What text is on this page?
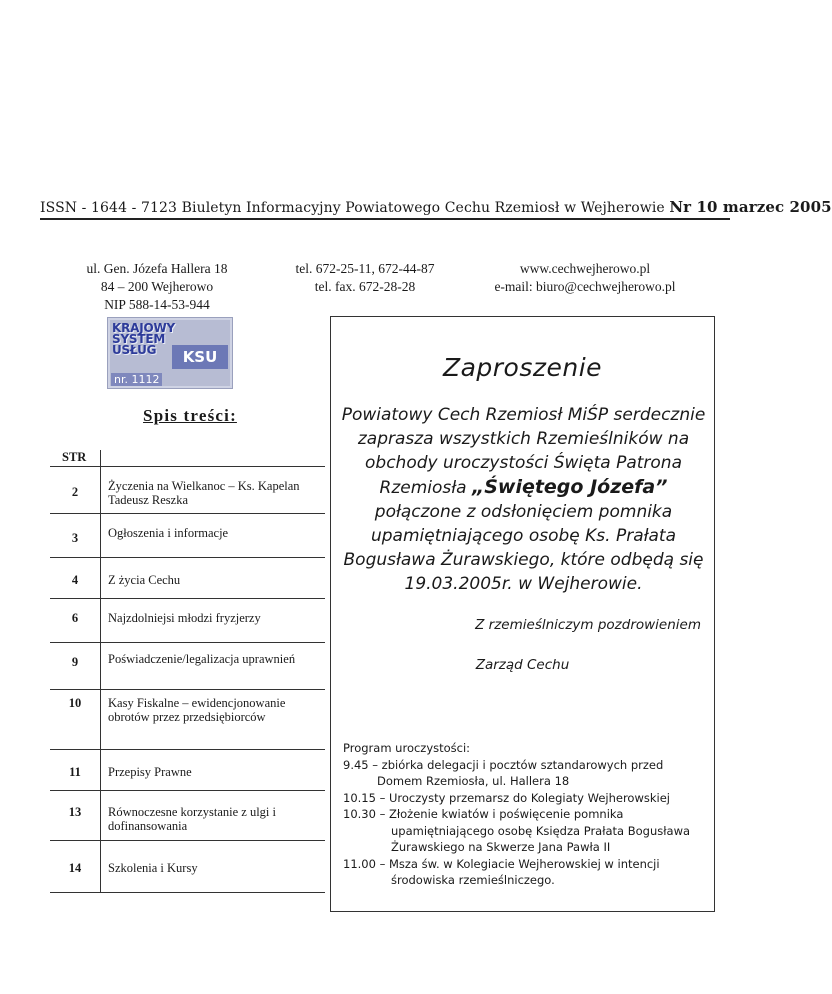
ISSN - 1644 - 7123 Biuletyn Informacyjny Powiatowego Cechu Rzemiosł w Wejherowie Nr 10 marzec 2005
ul. Gen. Józefa Hallera 18
84 – 200 Wejherowo
NIP 588-14-53-944
tel. 672-25-11, 672-44-87
tel. fax. 672-28-28
www.cechwejherowo.pl
e-mail: biuro@cechwejherowo.pl
KRAJOWY
SYSTEM
USŁUG	KSU
nr. 1112
Spis treści:
STR
2	Życzenia na Wielkanoc – Ks. Kapelan Tadeusz Reszka
3	Ogłoszenia i informacje
4	Z życia Cechu
6	Najzdolniejsi młodzi fryzjerzy
9	Poświadczenie/legalizacja uprawnień
10	Kasy Fiskalne – ewidencjonowanie obrotów przez przedsiębiorców
11	Przepisy Prawne
13	Równoczesne korzystanie z ulgi i dofinansowania
14	Szkolenia i Kursy
Zaproszenie
Powiatowy Cech Rzemiosł MiŚP serdecznie zaprasza wszystkich Rzemieślników na obchody uroczystości Święta Patrona Rzemiosła „Świętego Józefa” połączone z odsłonięciem pomnika upamiętniającego osobę Ks. Prałata Bogusława Żurawskiego, które odbędą się 19.03.2005r. w Wejherowie.
Z rzemieślniczym pozdrowieniem
Zarząd Cechu
Program uroczystości:
9.45 – zbiórka delegacji i pocztów sztandarowych przed
Domem Rzemiosła, ul. Hallera 18
10.15 – Uroczysty przemarsz do Kolegiaty Wejherowskiej
10.30 – Złożenie kwiatów i poświęcenie pomnika
upamiętniającego osobę Księdza Prałata Bogusława
Żurawskiego na Skwerze Jana Pawła II
11.00 – Msza św. w Kolegiacie Wejherowskiej w intencji
środowiska rzemieślniczego.
